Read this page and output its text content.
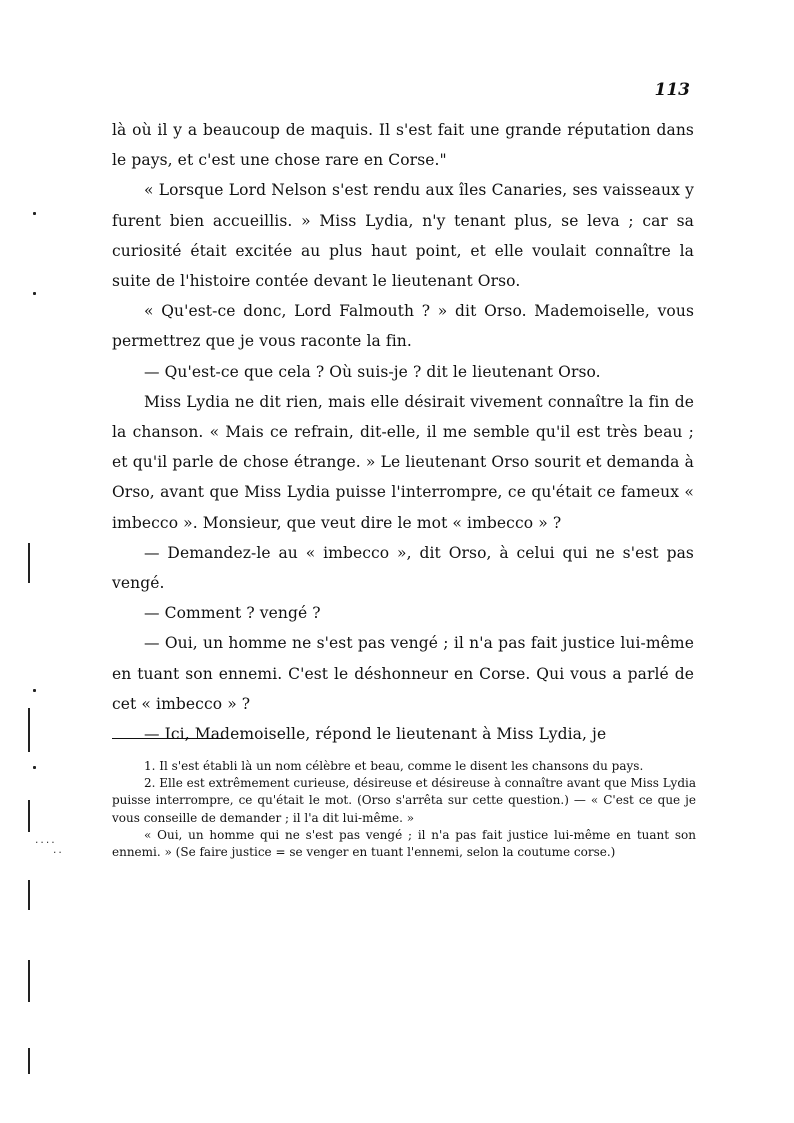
113

là où il y a beaucoup de maquis. Il s'est fait une grande réputation dans le pays, et c'est une chose rare en Corse."

« Lorsque Lord Nelson s'est rendu aux îles Canaries, ses vaisseaux y furent bien accueillis. » Miss Lydia, n'y tenant plus, se leva ; car sa curiosité était excitée au plus haut point, et elle voulait connaître la suite de l'histoire contée devant le lieutenant Orso.

« Qu'est-ce donc, Lord Falmouth ? » dit Orso. Mademoiselle, vous permettrez que je vous raconte la fin.

— Qu'est-ce que cela ? Où suis-je ? dit le lieutenant Orso.

Miss Lydia ne dit rien, mais elle désirait vivement connaître la fin de la chanson. « Mais ce refrain, dit-elle, il me semble qu'il est très beau ; et qu'il parle de chose étrange. » Le lieutenant Orso sourit et demanda à Orso, avant que Miss Lydia puisse l'interrompre, ce qu'était ce fameux « imbecco ». Monsieur, que veut dire le mot « imbecco » ?

— Demandez-le au « imbecco », dit Orso, à celui qui ne s'est pas vengé.

— Comment ? vengé ?

— Oui, un homme ne s'est pas vengé ; il n'a pas fait justice lui-même en tuant son ennemi. C'est le déshonneur en Corse. Qui vous a parlé de cet « imbecco » ?

— Ici, Mademoiselle, répond le lieutenant à Miss Lydia, je

1. Il s'est établi là un nom célèbre et beau, comme le disent les chansons du pays.

2. Elle est extrêmement curieuse, désireuse et désireuse à connaître avant que Miss Lydia puisse interrompre, ce qu'était le mot. (Orso s'arrêta sur cette question.) — « C'est ce que je vous conseille de demander ; il l'a dit lui-même. »

« Oui, un homme qui ne s'est pas vengé ; il n'a pas fait justice lui-même en tuant son ennemi. » (Se faire justice = se venger en tuant l'ennemi, selon la coutume corse.)

....
..
